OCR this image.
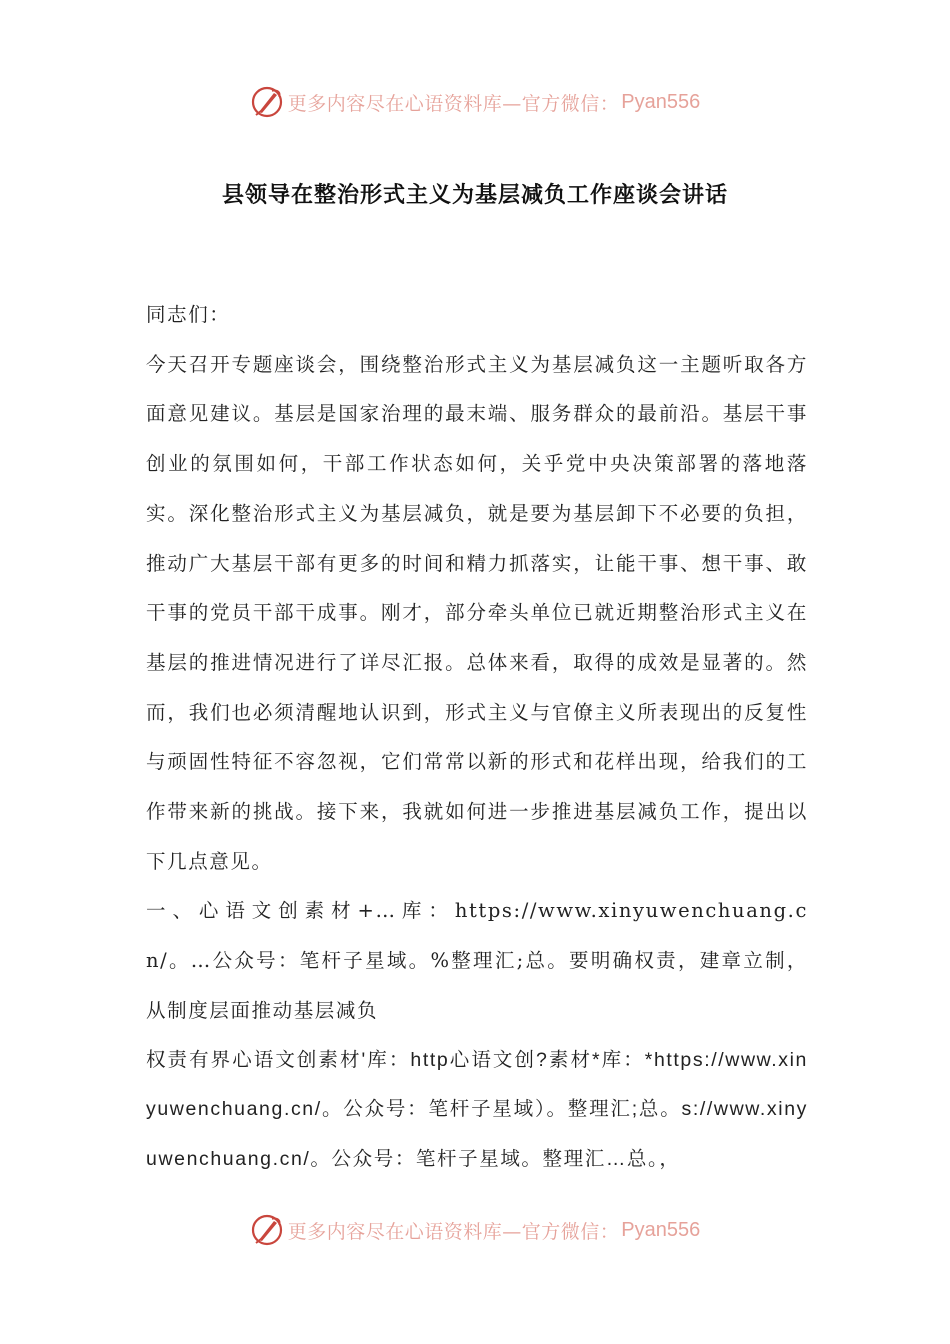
更多内容尽在心语资料库—官方微信： Pyan556
县领导在整治形式主义为基层减负工作座谈会讲话

同志们：

今天召开专题座谈会，围绕整治形式主义为基层减负这一主题听取各方面意见建议。基层是国家治理的最末端、服务群众的最前沿。基层干事创业的氛围如何，干部工作状态如何，关乎党中央决策部署的落地落实。深化整治形式主义为基层减负，就是要为基层卸下不必要的负担，推动广大基层干部有更多的时间和精力抓落实，让能干事、想干事、敢干事的党员干部干成事。刚才，部分牵头单位已就近期整治形式主义在基层的推进情况进行了详尽汇报。总体来看，取得的成效是显著的。然而，我们也必须清醒地认识到，形式主义与官僚主义所表现出的反复性与顽固性特征不容忽视，它们常常以新的形式和花样出现，给我们的工作带来新的挑战。接下来，我就如何进一步推进基层减负工作，提出以下几点意见。

一、心语文创素材+…库：https://www.xinyuwenchuang.cn/。…公众号：笔杆子星域。%整理汇;总。要明确权责，建章立制，从制度层面推动基层减负

权责有界心语文创素材'库：http心语文创?素材*库：*https://www.xinyuwenchuang.cn/。公众号：笔杆子星域）。整理汇;总。s://www.xinyuwenchuang.cn/。公众号：笔杆子星域。整理汇…总。，

更多内容尽在心语资料库—官方微信： Pyan556
